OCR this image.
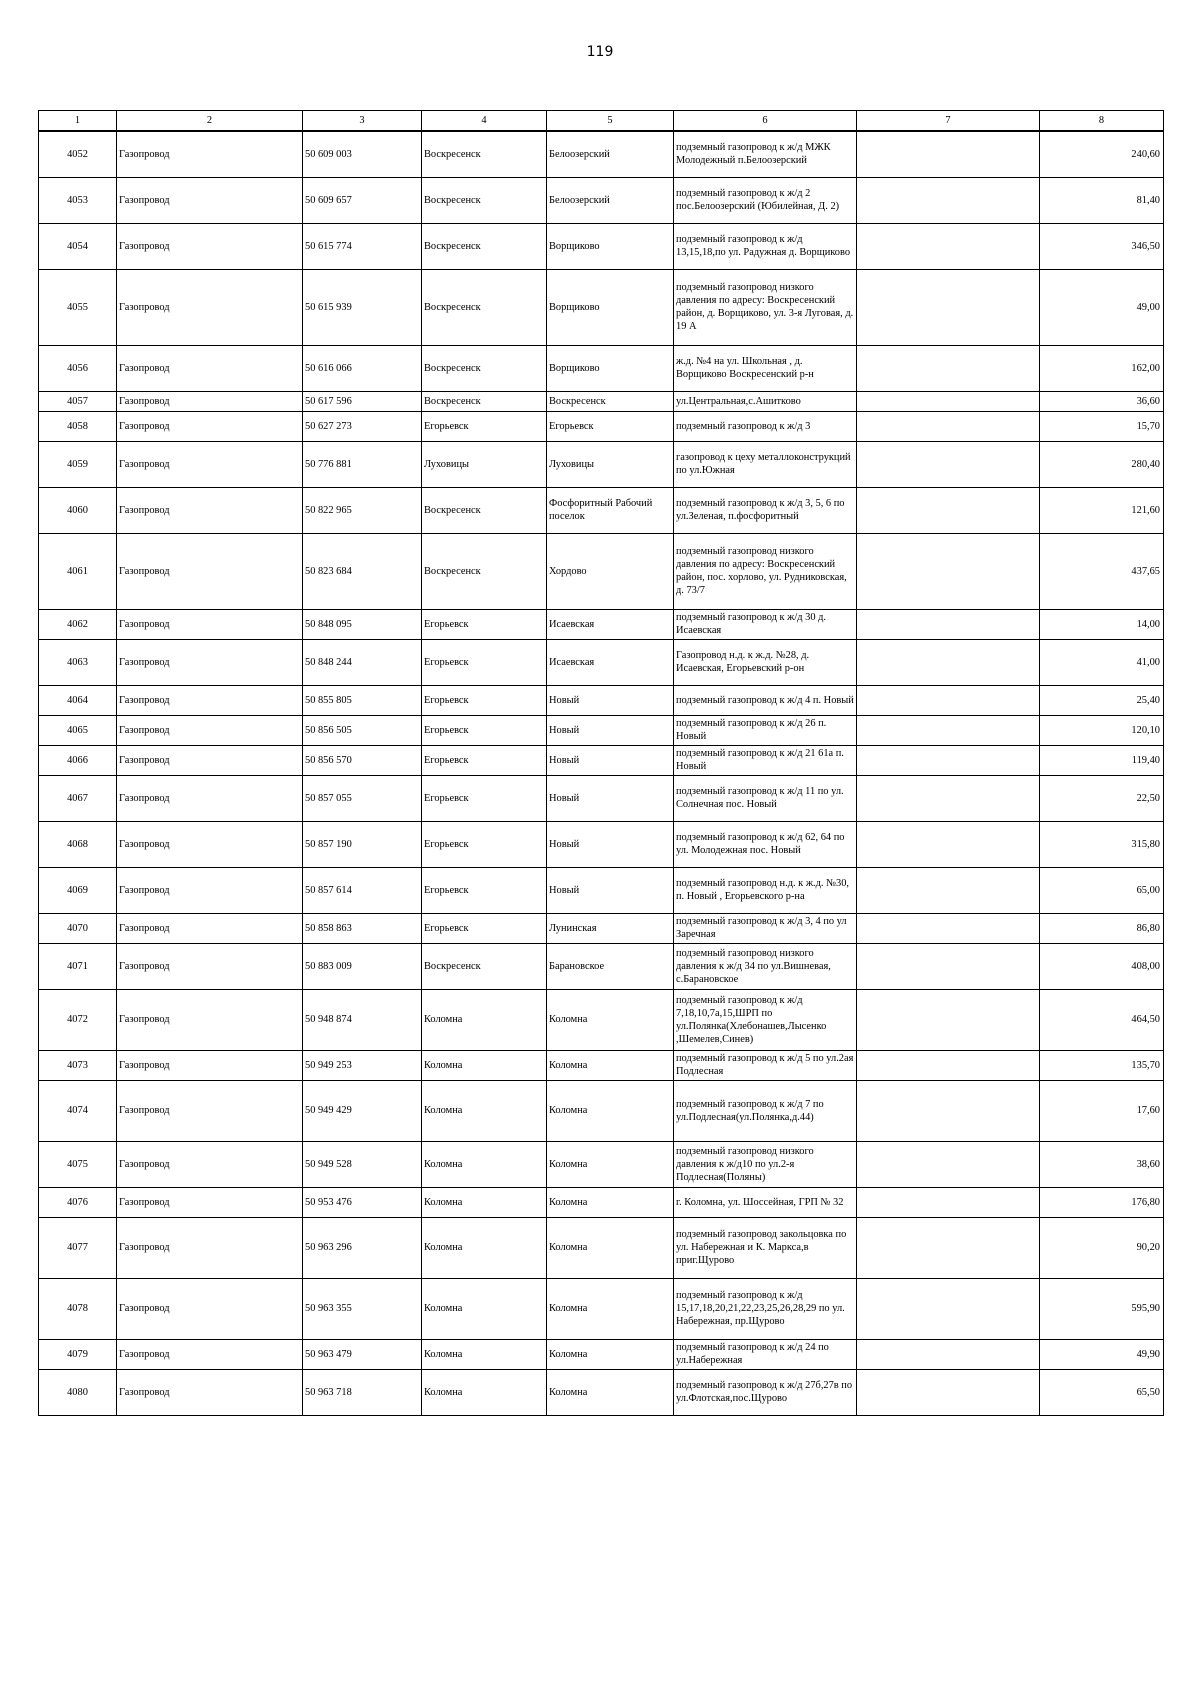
119
1	2	3	4	5	6	7	8
4052	Газопровод	50 609 003	Воскресенск	Белоозерский	подземный газопровод к ж/д МЖК Молодежный п.Белоозерский		240,60
4053	Газопровод	50 609 657	Воскресенск	Белоозерский	подземный газопровод к ж/д 2 пос.Белоозерский (Юбилейная, Д. 2)		81,40
4054	Газопровод	50 615 774	Воскресенск	Ворщиково	подземный газопровод к ж/д 13,15,18,по ул. Радужная д. Ворщиково		346,50
4055	Газопровод	50 615 939	Воскресенск	Ворщиково	подземный газопровод низкого давления по адресу: Воскресенский район, д. Ворщиково, ул. 3-я Луговая, д. 19 А		49,00
4056	Газопровод	50 616 066	Воскресенск	Ворщиково	ж.д. №4 на ул. Школьная , д. Ворщиково Воскресенский р-н		162,00
4057	Газопровод	50 617 596	Воскресенск	Воскресенск	ул.Центральная,с.Ашитково		36,60
4058	Газопровод	50 627 273	Егорьевск	Егорьевск	подземный газопровод к ж/д 3		15,70
4059	Газопровод	50 776 881	Луховицы	Луховицы	газопровод к цеху металлоконструкций по ул.Южная		280,40
4060	Газопровод	50 822 965	Воскресенск	Фосфоритный Рабочий поселок	подземный газопровод к ж/д 3, 5, 6 по ул.Зеленая, п.фосфоритный		121,60
4061	Газопровод	50 823 684	Воскресенск	Хордово	подземный газопровод низкого давления по адресу: Воскресенский район, пос. хорлово, ул. Рудниковская, д. 73/7		437,65
4062	Газопровод	50 848 095	Егорьевск	Исаевская	подземный газопровод к ж/д 30 д. Исаевская		14,00
4063	Газопровод	50 848 244	Егорьевск	Исаевская	Газопровод н.д. к ж.д. №28, д. Исаевская, Егорьевский р-он		41,00
4064	Газопровод	50 855 805	Егорьевск	Новый	подземный газопровод к ж/д 4 п. Новый		25,40
4065	Газопровод	50 856 505	Егорьевск	Новый	подземный газопровод к ж/д 26 п. Новый		120,10
4066	Газопровод	50 856 570	Егорьевск	Новый	подземный газопровод к ж/д 21 61а п. Новый		119,40
4067	Газопровод	50 857 055	Егорьевск	Новый	подземный газопровод к ж/д 11 по ул. Солнечная пос. Новый		22,50
4068	Газопровод	50 857 190	Егорьевск	Новый	подземный газопровод к ж/д 62, 64 по ул. Молодежная пос. Новый		315,80
4069	Газопровод	50 857 614	Егорьевск	Новый	подземный газопровод н.д. к ж.д. №30, п. Новый , Егорьевского р-на		65,00
4070	Газопровод	50 858 863	Егорьевск	Лунинская	подземный газопровод к ж/д 3, 4 по ул Заречная		86,80
4071	Газопровод	50 883 009	Воскресенск	Барановское	подземный газопровод низкого давления к ж/д 34 по ул.Вишневая, с.Барановское		408,00
4072	Газопровод	50 948 874	Коломна	Коломна	подземный газопровод к ж/д 7,18,10,7а,15,ШРП по ул.Полянка(Хлебонашев,Лысенко ,Шемелев,Синев)		464,50
4073	Газопровод	50 949 253	Коломна	Коломна	подземный газопровод к ж/д 5 по ул.2ая Подлесная		135,70
4074	Газопровод	50 949 429	Коломна	Коломна	подземный газопровод к ж/д 7 по ул.Подлесная(ул.Полянка,д.44)		17,60
4075	Газопровод	50 949 528	Коломна	Коломна	подземный газопровод низкого давления к ж/д10 по ул.2-я Подлесная(Поляны)		38,60
4076	Газопровод	50 953 476	Коломна	Коломна	г. Коломна, ул. Шоссейная, ГРП № 32		176,80
4077	Газопровод	50 963 296	Коломна	Коломна	подземный газопровод закольцовка по ул. Набережная и К. Маркса,в приг.Щурово		90,20
4078	Газопровод	50 963 355	Коломна	Коломна	подземный газопровод к ж/д 15,17,18,20,21,22,23,25,26,28,29 по ул. Набережная, пр.Щурово		595,90
4079	Газопровод	50 963 479	Коломна	Коломна	подземный газопровод к ж/д 24 по ул.Набережная		49,90
4080	Газопровод	50 963 718	Коломна	Коломна	подземный газопровод к ж/д 27б,27в по ул.Флотская,пос.Щурово		65,50
